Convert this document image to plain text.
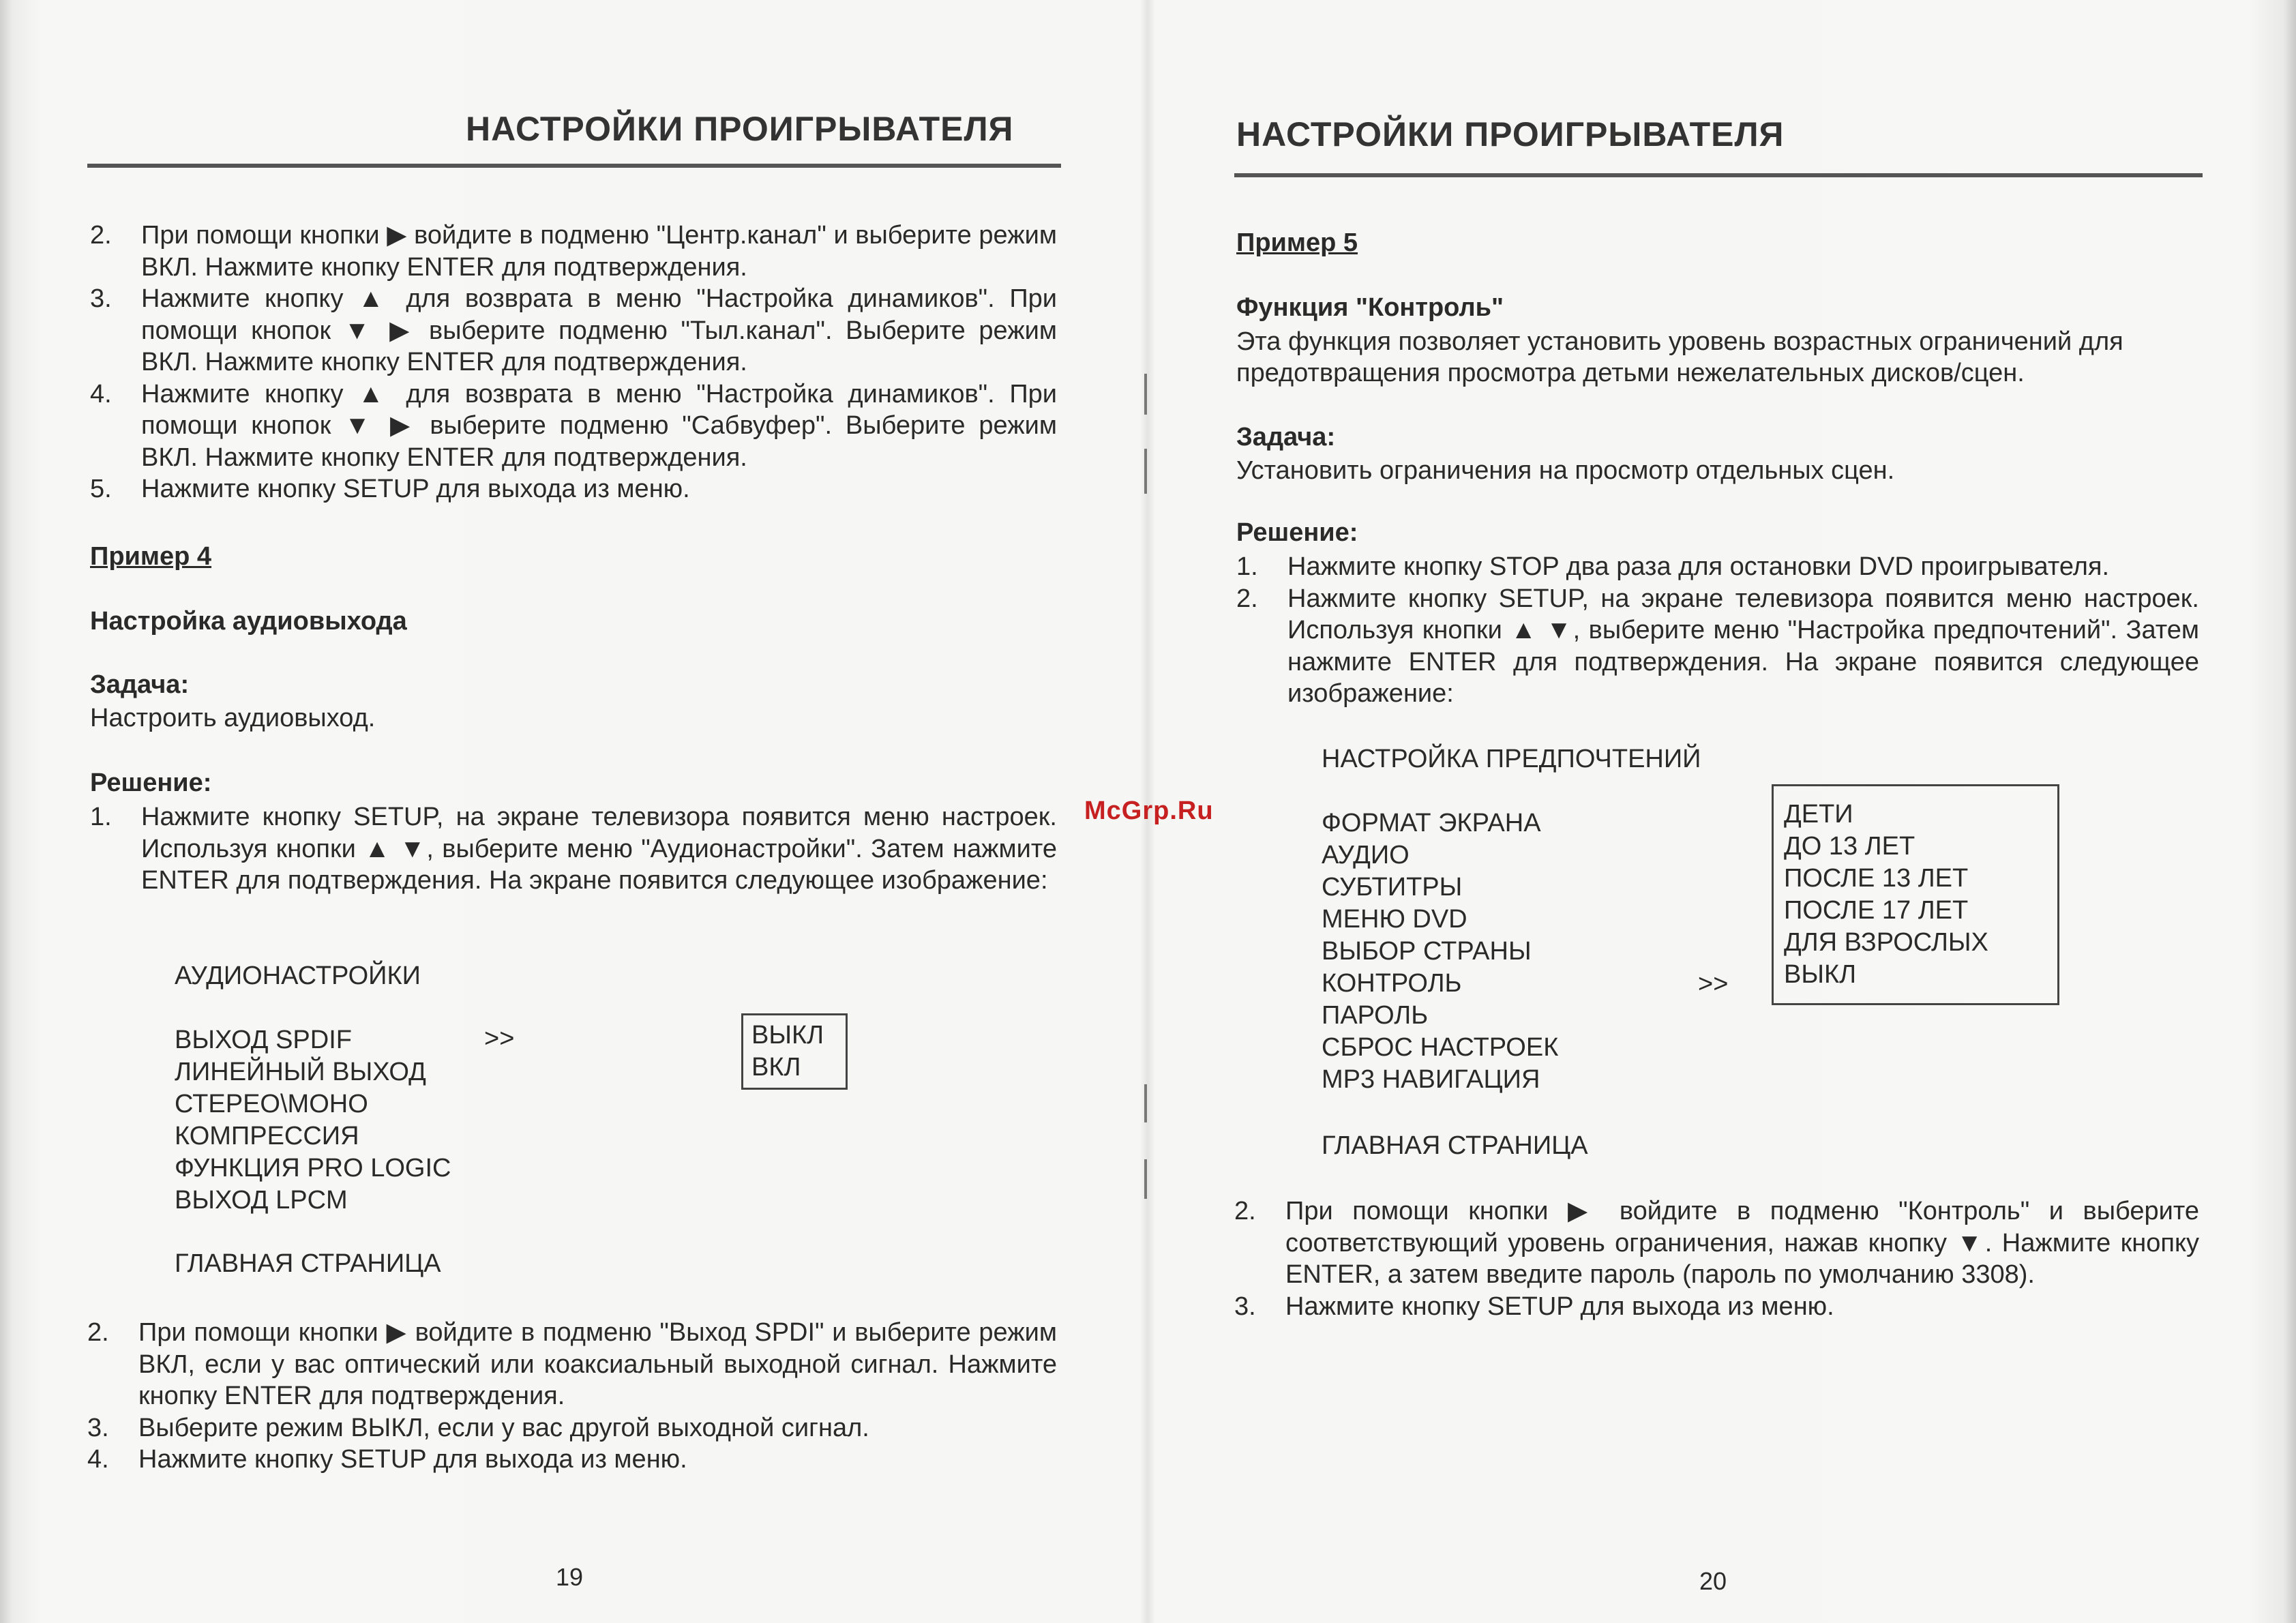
НАСТРОЙКИ ПРОИГРЫВАТЕЛЯ
2. При помощи кнопки ▶ войдите в подменю "Центр.канал" и выберите режим ВКЛ. Нажмите кнопку ENTER для подтверждения.
3. Нажмите кнопку ▲ для возврата в меню "Настройка динамиков". При помощи кнопок ▼ ▶ выберите подменю "Тыл.канал". Выберите режим ВКЛ. Нажмите кнопку ENTER для подтверждения.
4. Нажмите кнопку ▲ для возврата в меню "Настройка динамиков". При помощи кнопок ▼ ▶ выберите подменю "Сабвуфер". Выберите режим ВКЛ. Нажмите кнопку ENTER для подтверждения.
5. Нажмите кнопку SETUP для выхода из меню.
Пример 4
Настройка аудиовыхода
Задача:
Настроить аудиовыход.
Решение:
1. Нажмите кнопку SETUP, на экране телевизора появится меню настроек. Используя кнопки ▲ ▼, выберите меню "Аудионастройки". Затем нажмите ENTER для подтверждения. На экране появится следующее изображение:
АУДИОНАСТРОЙКИ
ВЫХОД SPDIF
ЛИНЕЙНЫЙ ВЫХОД
СТЕРЕО\МОНО
КОМПРЕССИЯ
ФУНКЦИЯ PRO LOGIC
ВЫХОД LPCM
>>	ВЫКЛ
ВКЛ
ГЛАВНАЯ СТРАНИЦА
2. При помощи кнопки ▶ войдите в подменю "Выход SPDI" и выберите режим ВКЛ, если у вас оптический или коаксиальный выходной сигнал. Нажмите кнопку ENTER для подтверждения.
3. Выберите режим ВЫКЛ, если у вас другой выходной сигнал.
4. Нажмите кнопку SETUP для выхода из меню.
19
McGrp.Ru
НАСТРОЙКИ ПРОИГРЫВАТЕЛЯ
Пример 5
Функция "Контроль"
Эта функция позволяет установить уровень возрастных ограничений для
предотвращения просмотра детьми нежелательных дисков/сцен.
Задача:
Установить ограничения на просмотр отдельных сцен.
Решение:
1. Нажмите кнопку STOP два раза для остановки DVD проигрывателя.
2. Нажмите кнопку SETUP, на экране телевизора появится меню настроек. Используя кнопки ▲ ▼, выберите меню "Настройка предпочтений". Затем нажмите ENTER для подтверждения. На экране появится следующее изображение:
НАСТРОЙКА ПРЕДПОЧТЕНИЙ
ФОРМАТ ЭКРАНА
АУДИО
СУБТИТРЫ
МЕНЮ DVD
ВЫБОР СТРАНЫ
КОНТРОЛЬ
ПАРОЛЬ
СБРОС НАСТРОЕК
MP3 НАВИГАЦИЯ
>>
ДЕТИ
ДО 13 ЛЕТ
ПОСЛЕ 13 ЛЕТ
ПОСЛЕ 17 ЛЕТ
ДЛЯ ВЗРОСЛЫХ
ВЫКЛ
ГЛАВНАЯ СТРАНИЦА
2. При помощи кнопки ▶ войдите в подменю "Контроль" и выберите соответствующий уровень ограничения, нажав кнопку ▼. Нажмите кнопку ENTER, а затем введите пароль (пароль по умолчанию 3308).
3. Нажмите кнопку SETUP для выхода из меню.
20
